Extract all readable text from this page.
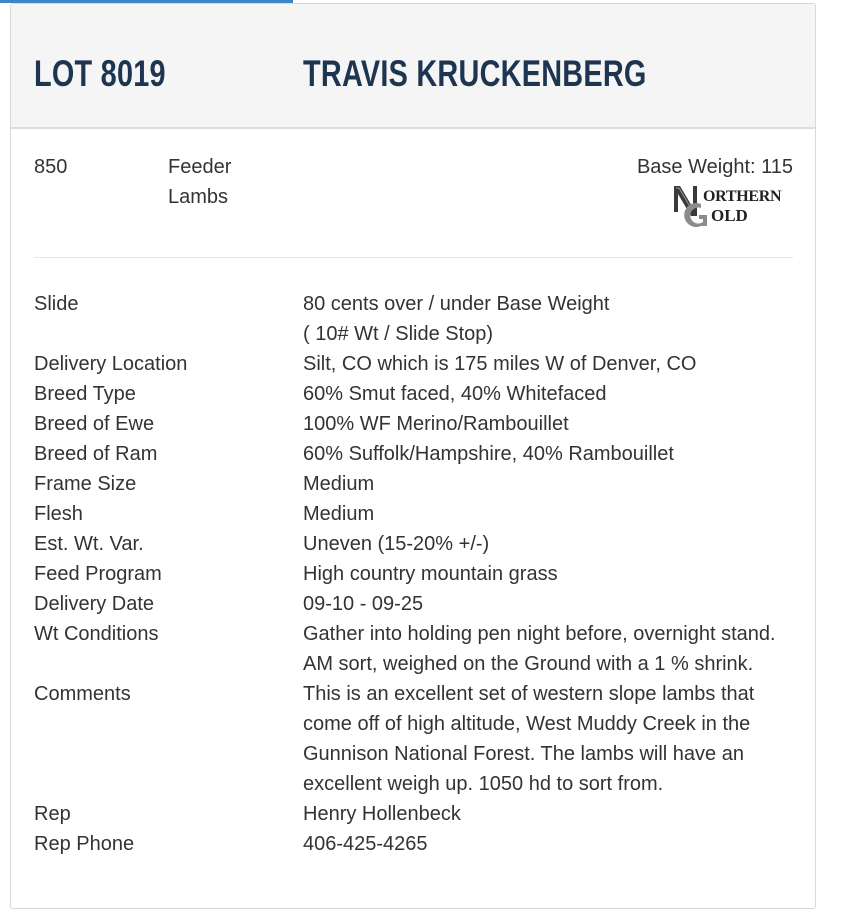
LOT 8019	TRAVIS KRUCKENBERG
850	Feeder Lambs
Base Weight: 115
ORTHERN
OLD
Slide	80 cents over / under Base Weight
( 10# Wt / Slide Stop)
Delivery Location	Silt, CO which is 175 miles W of Denver, CO
Breed Type	60% Smut faced, 40% Whitefaced
Breed of Ewe	100% WF Merino/Rambouillet
Breed of Ram	60% Suffolk/Hampshire, 40% Rambouillet
Frame Size	Medium
Flesh	Medium
Est. Wt. Var.	Uneven (15-20% +/-)
Feed Program	High country mountain grass
Delivery Date	09-10 - 09-25
Wt Conditions	Gather into holding pen night before, overnight stand. AM sort, weighed on the Ground with a 1 % shrink.
Comments	This is an excellent set of western slope lambs that come off of high altitude, West Muddy Creek in the Gunnison National Forest. The lambs will have an excellent weigh up. 1050 hd to sort from.
Rep	Henry Hollenbeck
Rep Phone	406-425-4265
